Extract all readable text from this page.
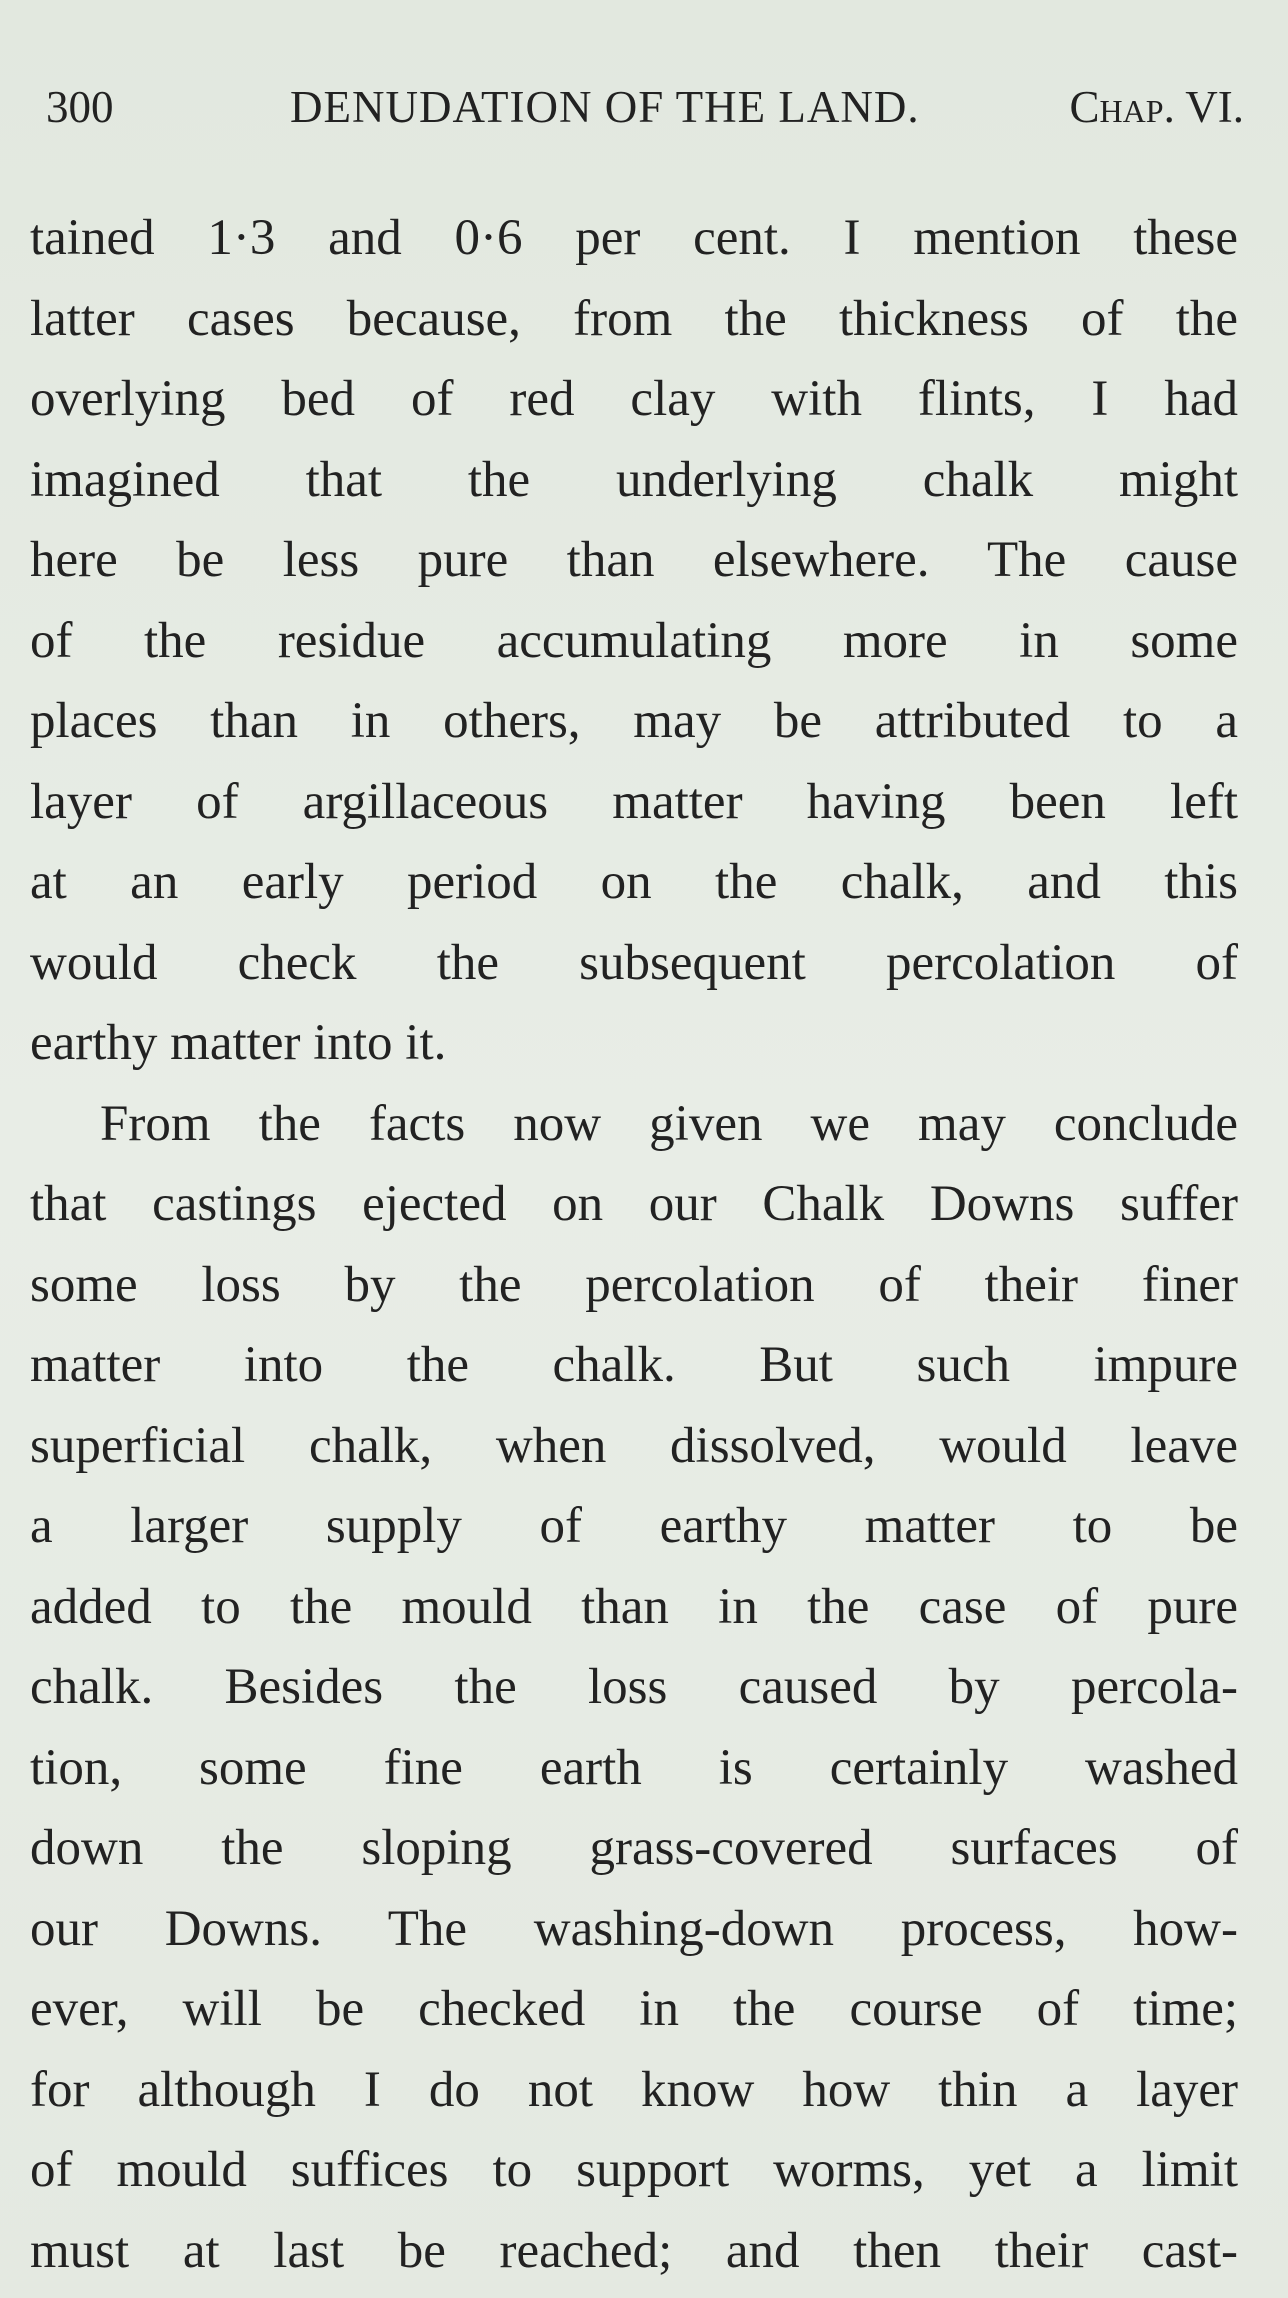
300	DENUDATION OF THE LAND.	Chap. VI.
tained 1·3 and 0·6 per cent. I mention these
latter cases because, from the thickness of the
overlying bed of red clay with flints, I had
imagined that the underlying chalk might
here be less pure than elsewhere. The cause
of the residue accumulating more in some
places than in others, may be attributed to a
layer of argillaceous matter having been left
at an early period on the chalk, and this
would check the subsequent percolation of
earthy matter into it.
From the facts now given we may conclude
that castings ejected on our Chalk Downs suffer
some loss by the percolation of their finer
matter into the chalk. But such impure
superficial chalk, when dissolved, would leave
a larger supply of earthy matter to be
added to the mould than in the case of pure
chalk. Besides the loss caused by percola-
tion, some fine earth is certainly washed
down the sloping grass-covered surfaces of
our Downs. The washing-down process, how-
ever, will be checked in the course of time;
for although I do not know how thin a layer
of mould suffices to support worms, yet a limit
must at last be reached; and then their cast-
